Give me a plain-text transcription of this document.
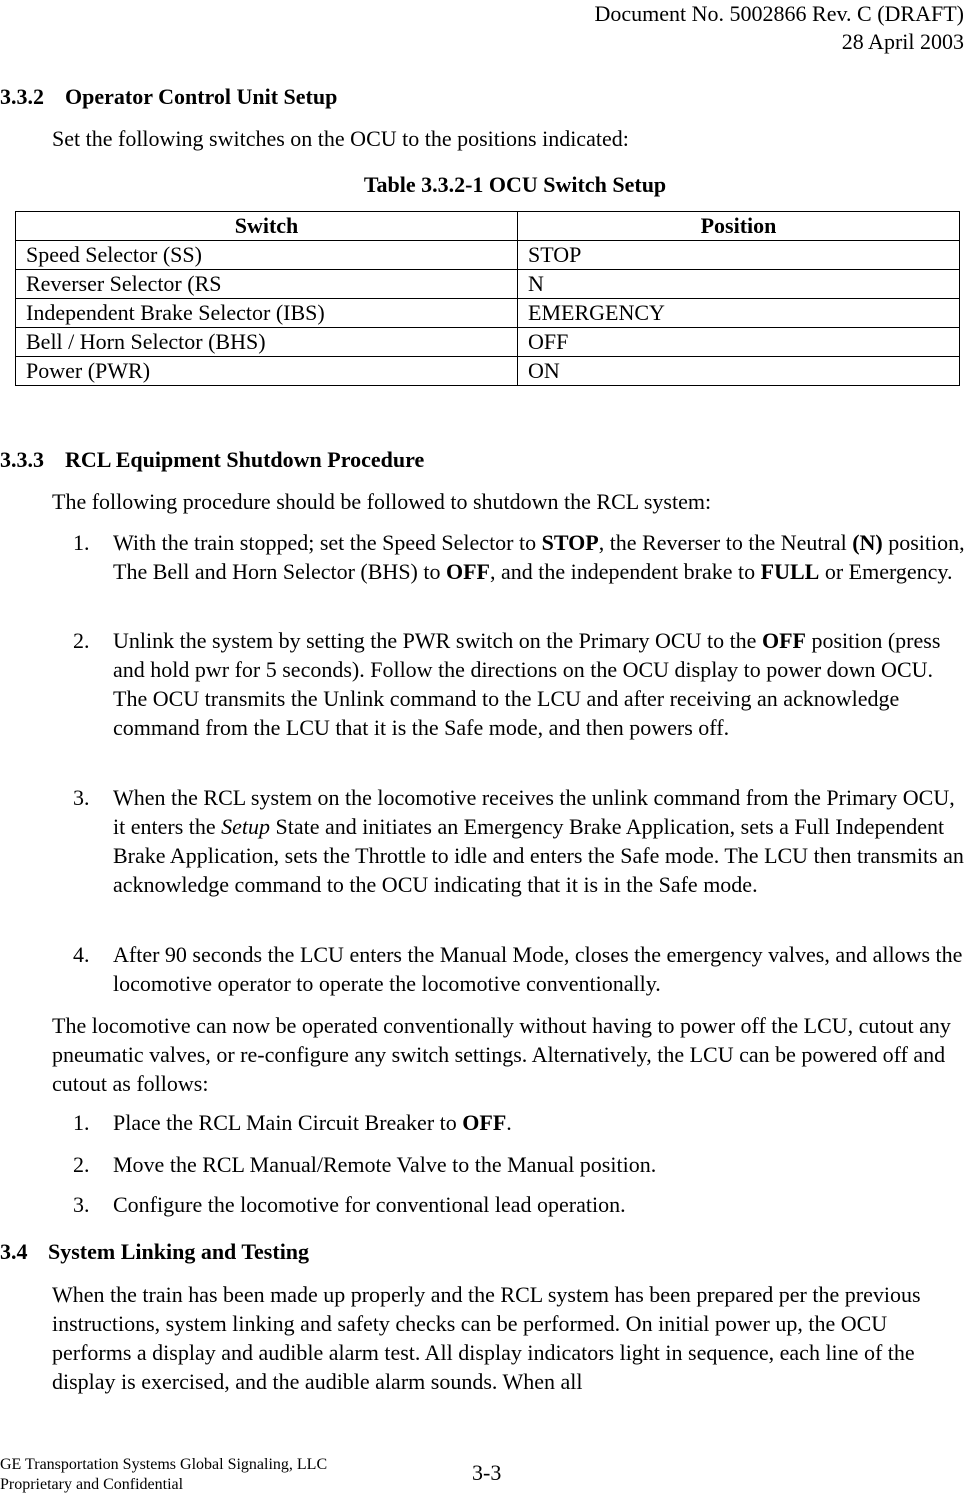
Document No. 5002866 Rev. C (DRAFT)
28 April 2003
3.3.2 Operator Control Unit Setup
Set the following switches on the OCU to the positions indicated:
Table 3.3.2-1 OCU Switch Setup
Switch	Position
Speed Selector (SS)	STOP
Reverser Selector (RS	N
Independent Brake Selector (IBS)	EMERGENCY
Bell / Horn Selector (BHS)	OFF
Power (PWR)	ON
3.3.3 RCL Equipment Shutdown Procedure
The following procedure should be followed to shutdown the RCL system:
1. With the train stopped; set the Speed Selector to STOP, the Reverser to the Neutral (N) position, The Bell and Horn Selector (BHS) to OFF, and the independent brake to FULL or Emergency.
2. Unlink the system by setting the PWR switch on the Primary OCU to the OFF position (press and hold pwr for 5 seconds). Follow the directions on the OCU display to power down OCU. The OCU transmits the Unlink command to the LCU and after receiving an acknowledge command from the LCU that it is the Safe mode, and then powers off.
3. When the RCL system on the locomotive receives the unlink command from the Primary OCU, it enters the Setup State and initiates an Emergency Brake Application, sets a Full Independent Brake Application, sets the Throttle to idle and enters the Safe mode. The LCU then transmits an acknowledge command to the OCU indicating that it is in the Safe mode.
4. After 90 seconds the LCU enters the Manual Mode, closes the emergency valves, and allows the locomotive operator to operate the locomotive conventionally.
The locomotive can now be operated conventionally without having to power off the LCU, cutout any pneumatic valves, or re-configure any switch settings. Alternatively, the LCU can be powered off and cutout as follows:
1. Place the RCL Main Circuit Breaker to OFF.
2. Move the RCL Manual/Remote Valve to the Manual position.
3. Configure the locomotive for conventional lead operation.
3.4 System Linking and Testing
When the train has been made up properly and the RCL system has been prepared per the previous instructions, system linking and safety checks can be performed. On initial power up, the OCU performs a display and audible alarm test. All display indicators light in sequence, each line of the display is exercised, and the audible alarm sounds. When all
GE Transportation Systems Global Signaling, LLC
Proprietary and Confidential	3-3
